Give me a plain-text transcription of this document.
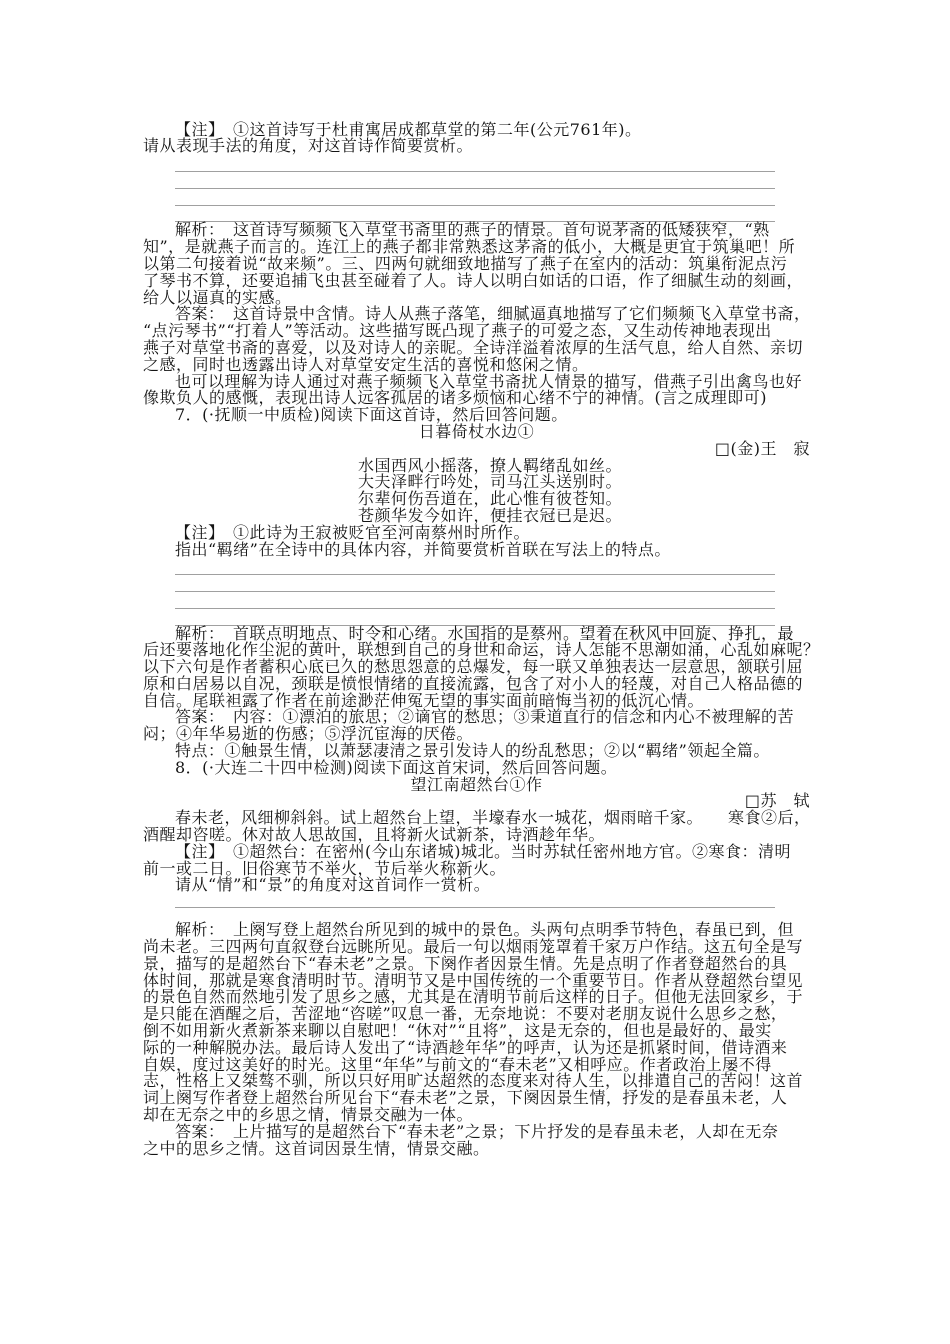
【注】　①这首诗写于杜甫寓居成都草堂的第二年(公元761年)。
请从表现手法的角度，对这首诗作简要赏析。
解析：　这首诗写频频飞入草堂书斋里的燕子的情景。首句说茅斋的低矮狭窄，“熟
知”，是就燕子而言的。连江上的燕子都非常熟悉这茅斋的低小，大概是更宜于筑巢吧！所
以第二句接着说“故来频”。三、四两句就细致地描写了燕子在室内的活动：筑巢衔泥点污
了琴书不算，还要追捕飞虫甚至碰着了人。诗人以明白如话的口语，作了细腻生动的刻画，
给人以逼真的实感。
答案：　这首诗景中含情。诗人从燕子落笔，细腻逼真地描写了它们频频飞入草堂书斋，
“点污琴书”“打着人”等活动。这些描写既凸现了燕子的可爱之态，又生动传神地表现出
燕子对草堂书斋的喜爱，以及对诗人的亲昵。全诗洋溢着浓厚的生活气息，给人自然、亲切
之感，同时也透露出诗人对草堂安定生活的喜悦和悠闲之情。
也可以理解为诗人通过对燕子频频飞入草堂书斋扰人情景的描写，借燕子引出禽鸟也好
像欺负人的感慨，表现出诗人远客孤居的诸多烦恼和心绪不宁的神情。(言之成理即可)
7．(·抚顺一中质检)阅读下面这首诗，然后回答问题。
日暮倚杖水边①
□(金)王　寂
水国西风小摇落，撩人羁绪乱如丝。
大夫泽畔行吟处，司马江头送别时。
尔辈何伤吾道在，此心惟有彼苍知。
苍颜华发今如许，便挂衣冠已是迟。
【注】　①此诗为王寂被贬官至河南蔡州时所作。
指出“羁绪”在全诗中的具体内容，并简要赏析首联在写法上的特点。
解析：　首联点明地点、时令和心绪。水国指的是蔡州。望着在秋风中回旋、挣扎，最
后还要落地化作尘泥的黄叶，联想到自己的身世和命运，诗人怎能不思潮如涌，心乱如麻呢？
以下六句是作者蓄积心底已久的愁思怨意的总爆发，每一联又单独表达一层意思，颔联引屈
原和白居易以自况，颈联是愤恨情绪的直接流露，包含了对小人的轻蔑，对自己人格品德的
自信。尾联袒露了作者在前途渺茫伸冤无望的事实面前暗悔当初的低沉心情。
答案：　内容：①漂泊的旅思；②谪官的愁思；③秉道直行的信念和内心不被理解的苦
闷；④年华易逝的伤感；⑤浮沉宦海的厌倦。
特点：①触景生情，以萧瑟凄清之景引发诗人的纷乱愁思；②以“羁绪”领起全篇。
8．(·大连二十四中检测)阅读下面这首宋词，然后回答问题。
望江南超然台①作
□苏　轼
春未老，风细柳斜斜。试上超然台上望，半壕春水一城花，烟雨暗千家。　　寒食②后，
酒醒却咨嗟。休对故人思故国，且将新火试新茶，诗酒趁年华。
【注】　①超然台：在密州(今山东诸城)城北。当时苏轼任密州地方官。②寒食：清明
前一或二日。旧俗寒节不举火，节后举火称新火。
请从“情”和“景”的角度对这首词作一赏析。
解析：　上阕写登上超然台所见到的城中的景色。头两句点明季节特色，春虽已到，但
尚未老。三四两句直叙登台远眺所见。最后一句以烟雨笼罩着千家万户作结。这五句全是写
景，描写的是超然台下“春未老”之景。下阕作者因景生情。先是点明了作者登超然台的具
体时间，那就是寒食清明时节。清明节又是中国传统的一个重要节日。作者从登超然台望见
的景色自然而然地引发了思乡之感，尤其是在清明节前后这样的日子。但他无法回家乡，于
是只能在酒醒之后，苦涩地“咨嗟”叹息一番，无奈地说：不要对老朋友说什么思乡之愁，
倒不如用新火煮新茶来聊以自慰吧！“休对”“且将”，这是无奈的，但也是最好的、最实
际的一种解脱办法。最后诗人发出了“诗酒趁年华”的呼声，认为还是抓紧时间，借诗酒来
自娱，度过这美好的时光。这里“年华”与前文的“春未老”又相呼应。作者政治上屡不得
志，性格上又桀骜不驯，所以只好用旷达超然的态度来对待人生，以排遣自己的苦闷！这首
词上阕写作者登上超然台所见台下“春未老”之景，下阕因景生情，抒发的是春虽未老，人
却在无奈之中的乡思之情，情景交融为一体。
答案：　上片描写的是超然台下“春未老”之景；下片抒发的是春虽未老，人却在无奈
之中的思乡之情。这首词因景生情，情景交融。
